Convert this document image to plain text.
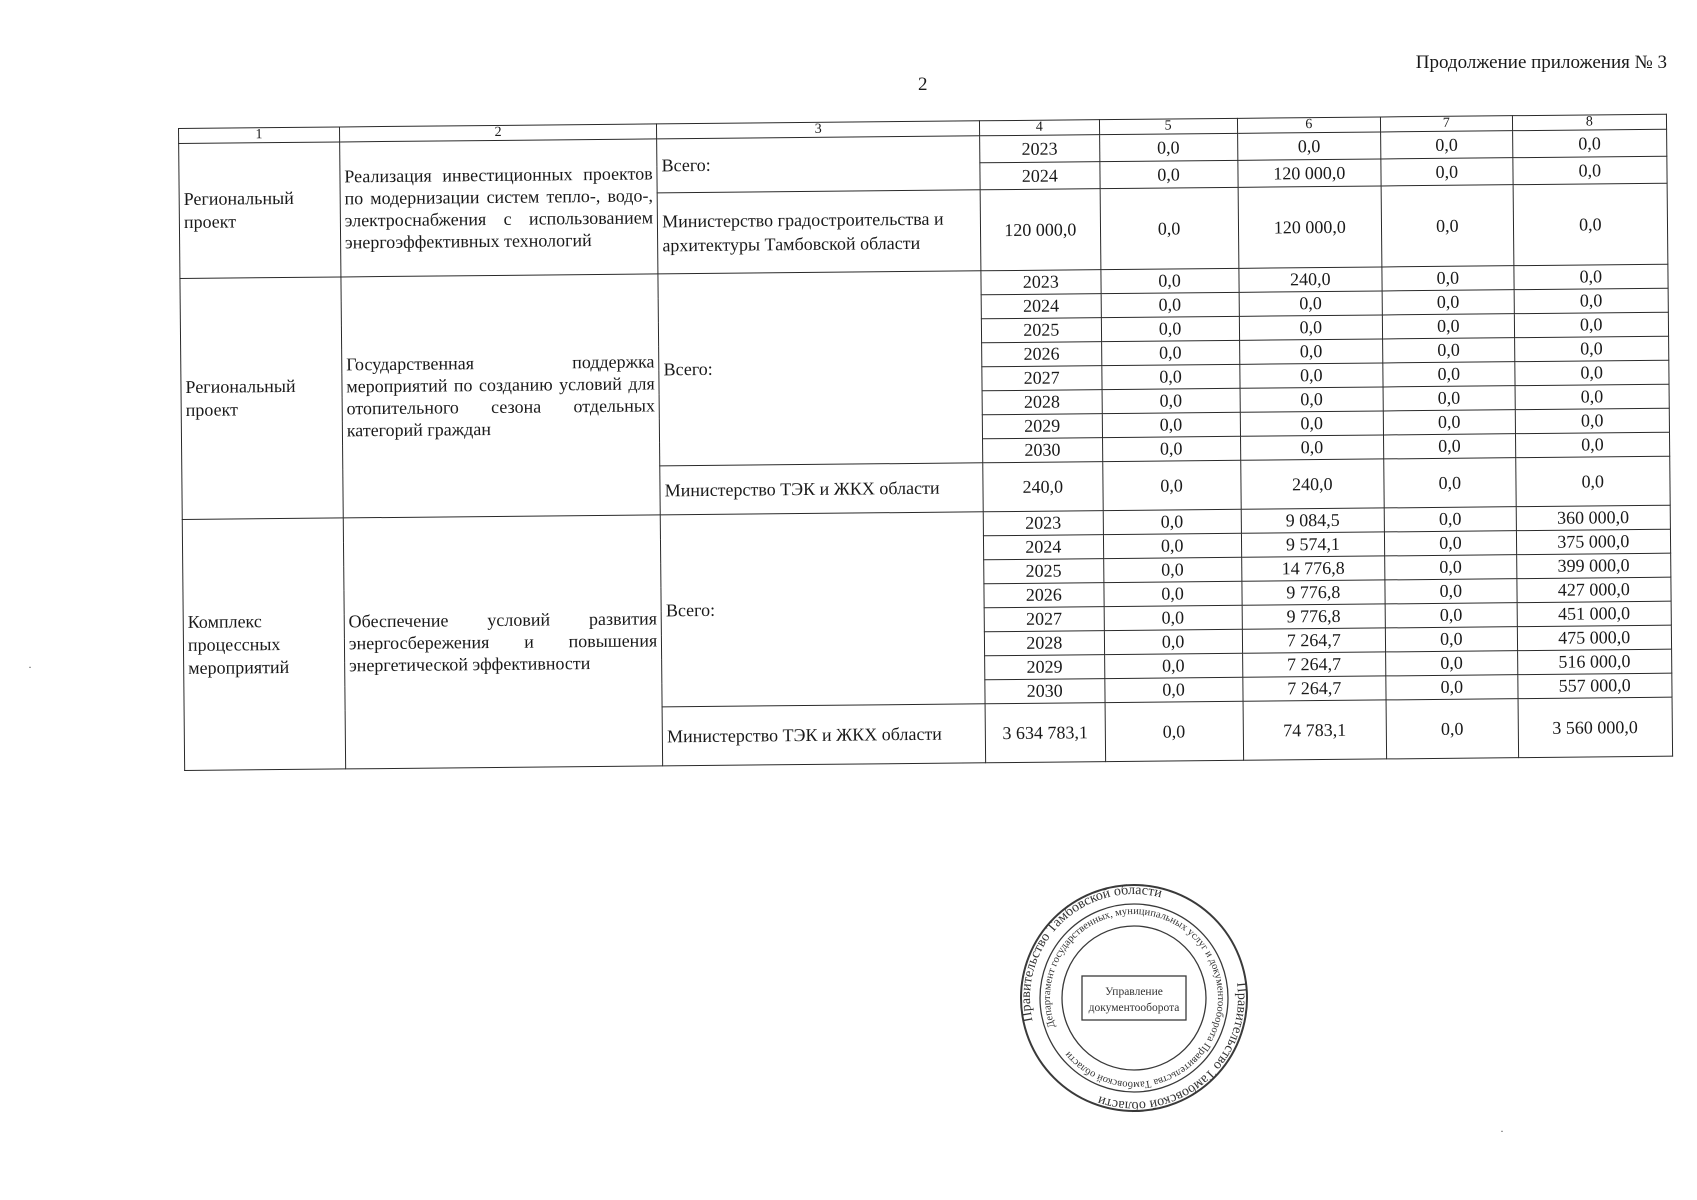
Продолжение приложения № 3
2
1	2	3	4	5	6	7	8
Региональный проект	Реализация инвестиционных проектов по модернизации систем тепло-, водо-, электроснабжения с использованием энергоэффективных технологий	Всего:	2023	0,0	0,0	0,0	0,0
			2024	0,0	120 000,0	0,0	0,0
		Министерство градостроительства и архитектуры Тамбовской области	120 000,0	0,0	120 000,0	0,0	0,0
Региональный проект	Государственная поддержка мероприятий по созданию условий для отопительного сезона отдельных категорий граждан	Всего:	2023	0,0	240,0	0,0	0,0
			2024	0,0	0,0	0,0	0,0
			2025	0,0	0,0	0,0	0,0
			2026	0,0	0,0	0,0	0,0
			2027	0,0	0,0	0,0	0,0
			2028	0,0	0,0	0,0	0,0
			2029	0,0	0,0	0,0	0,0
			2030	0,0	0,0	0,0	0,0
		Министерство ТЭК и ЖКХ области	240,0	0,0	240,0	0,0	0,0
Комплекс процессных мероприятий	Обеспечение условий развития энергосбережения и повышения энергетической эффективности	Всего:	2023	0,0	9 084,5	0,0	360 000,0
			2024	0,0	9 574,1	0,0	375 000,0
			2025	0,0	14 776,8	0,0	399 000,0
			2026	0,0	9 776,8	0,0	427 000,0
			2027	0,0	9 776,8	0,0	451 000,0
			2028	0,0	7 264,7	0,0	475 000,0
			2029	0,0	7 264,7	0,0	516 000,0
			2030	0,0	7 264,7	0,0	557 000,0
		Министерство ТЭК и ЖКХ области	3 634 783,1	0,0	74 783,1	0,0	3 560 000,0
Правительство Тамбовской области
Департамент государственных, муниципальных услуг и документооборота Правительства Тамбовской области
Правительство Тамбовской области
Управление
документооборота
·
·
